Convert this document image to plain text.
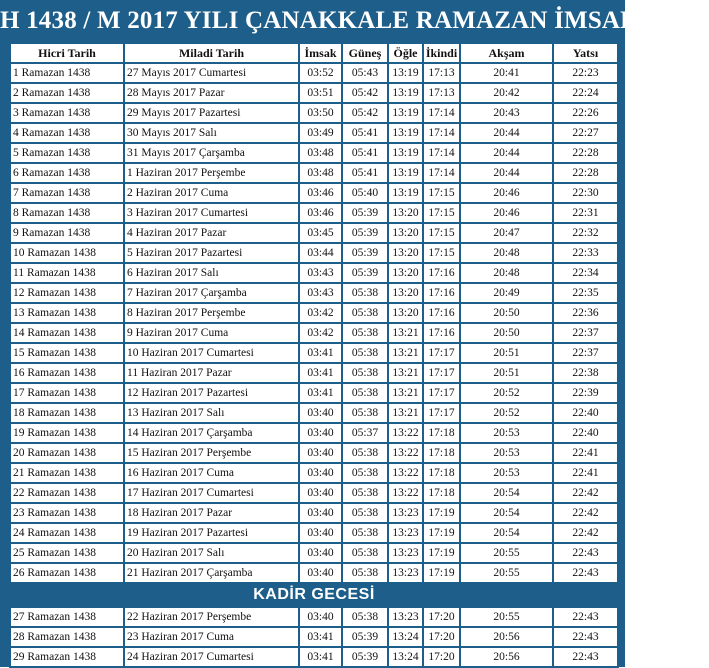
H 1438 / M 2017 YILI ÇANAKKALE RAMAZAN İMSAKİYESİ
Hicri Tarih	Miladi Tarih	İmsak	Güneş	Öğle	İkindi	Akşam	Yatsı
1 Ramazan 1438	27 Mayıs 2017 Cumartesi	03:52	05:43	13:19	17:13	20:41	22:23
2 Ramazan 1438	28 Mayıs 2017 Pazar	03:51	05:42	13:19	17:13	20:42	22:24
3 Ramazan 1438	29 Mayıs 2017 Pazartesi	03:50	05:42	13:19	17:14	20:43	22:26
4 Ramazan 1438	30 Mayıs 2017 Salı	03:49	05:41	13:19	17:14	20:44	22:27
5 Ramazan 1438	31 Mayıs 2017 Çarşamba	03:48	05:41	13:19	17:14	20:44	22:28
6 Ramazan 1438	1 Haziran 2017 Perşembe	03:48	05:41	13:19	17:14	20:44	22:28
7 Ramazan 1438	2 Haziran 2017 Cuma	03:46	05:40	13:19	17:15	20:46	22:30
8 Ramazan 1438	3 Haziran 2017 Cumartesi	03:46	05:39	13:20	17:15	20:46	22:31
9 Ramazan 1438	4 Haziran 2017 Pazar	03:45	05:39	13:20	17:15	20:47	22:32
10 Ramazan 1438	5 Haziran 2017 Pazartesi	03:44	05:39	13:20	17:15	20:48	22:33
11 Ramazan 1438	6 Haziran 2017 Salı	03:43	05:39	13:20	17:16	20:48	22:34
12 Ramazan 1438	7 Haziran 2017 Çarşamba	03:43	05:38	13:20	17:16	20:49	22:35
13 Ramazan 1438	8 Haziran 2017 Perşembe	03:42	05:38	13:20	17:16	20:50	22:36
14 Ramazan 1438	9 Haziran 2017 Cuma	03:42	05:38	13:21	17:16	20:50	22:37
15 Ramazan 1438	10 Haziran 2017 Cumartesi	03:41	05:38	13:21	17:17	20:51	22:37
16 Ramazan 1438	11 Haziran 2017 Pazar	03:41	05:38	13:21	17:17	20:51	22:38
17 Ramazan 1438	12 Haziran 2017 Pazartesi	03:41	05:38	13:21	17:17	20:52	22:39
18 Ramazan 1438	13 Haziran 2017 Salı	03:40	05:38	13:21	17:17	20:52	22:40
19 Ramazan 1438	14 Haziran 2017 Çarşamba	03:40	05:37	13:22	17:18	20:53	22:40
20 Ramazan 1438	15 Haziran 2017 Perşembe	03:40	05:38	13:22	17:18	20:53	22:41
21 Ramazan 1438	16 Haziran 2017 Cuma	03:40	05:38	13:22	17:18	20:53	22:41
22 Ramazan 1438	17 Haziran 2017 Cumartesi	03:40	05:38	13:22	17:18	20:54	22:42
23 Ramazan 1438	18 Haziran 2017 Pazar	03:40	05:38	13:23	17:19	20:54	22:42
24 Ramazan 1438	19 Haziran 2017 Pazartesi	03:40	05:38	13:23	17:19	20:54	22:42
25 Ramazan 1438	20 Haziran 2017 Salı	03:40	05:38	13:23	17:19	20:55	22:43
26 Ramazan 1438	21 Haziran 2017 Çarşamba	03:40	05:38	13:23	17:19	20:55	22:43
KADİR GECESİ							
27 Ramazan 1438	22 Haziran 2017 Perşembe	03:40	05:38	13:23	17:20	20:55	22:43
28 Ramazan 1438	23 Haziran 2017 Cuma	03:41	05:39	13:24	17:20	20:56	22:43
29 Ramazan 1438	24 Haziran 2017 Cumartesi	03:41	05:39	13:24	17:20	20:56	22:43
